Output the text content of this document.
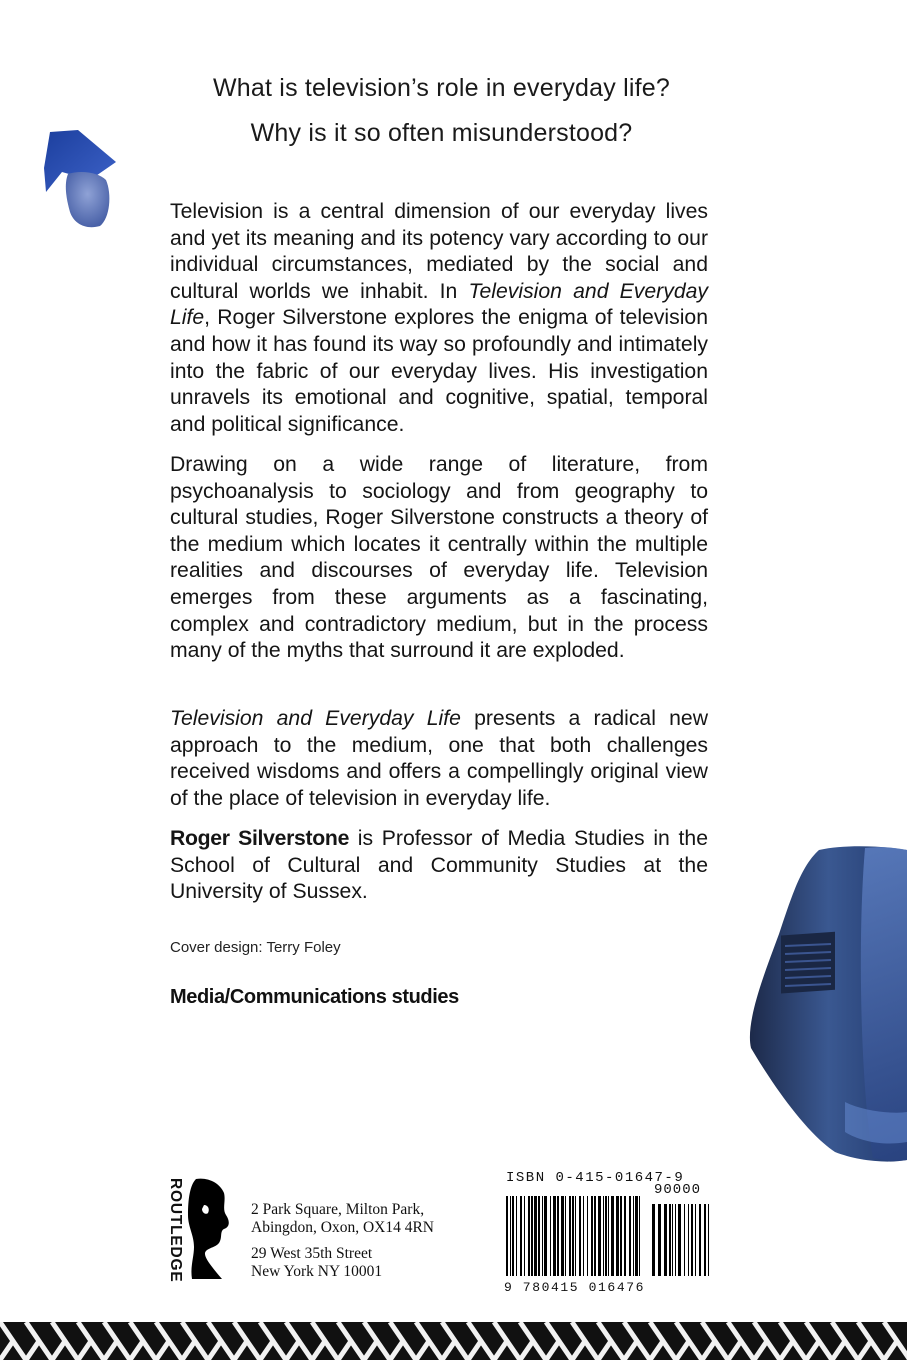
What is television’s role in everyday life?
Why is it so often misunderstood?
Television is a central dimension of our everyday lives and yet its meaning and its potency vary according to our individual circumstances, mediated by the social and cultural worlds we inhabit. In Television and Everyday Life, Roger Silverstone explores the enigma of television and how it has found its way so profoundly and intimately into the fabric of our everyday lives. His investigation unravels its emotional and cognitive, spatial, temporal and political significance.
Drawing on a wide range of literature, from psychoanalysis to sociology and from geography to cultural studies, Roger Silverstone constructs a theory of the medium which locates it centrally within the multiple realities and discourses of everyday life. Television emerges from these arguments as a fascinating, complex and contradictory medium, but in the process many of the myths that surround it are exploded.
Television and Everyday Life presents a radical new approach to the medium, one that both challenges received wisdoms and offers a compellingly original view of the place of television in everyday life.
Roger Silverstone is Professor of Media Studies in the School of Cultural and Community Studies at the University of Sussex.
Cover design: Terry Foley
Media/Communications studies
ROUTLEDGE	2 Park Square, Milton Park,
Abingdon, Oxon, OX14 4RN
29 West 35th Street
New York NY 10001
ISBN 0-415-01647-9
90000
9 780415 016476
